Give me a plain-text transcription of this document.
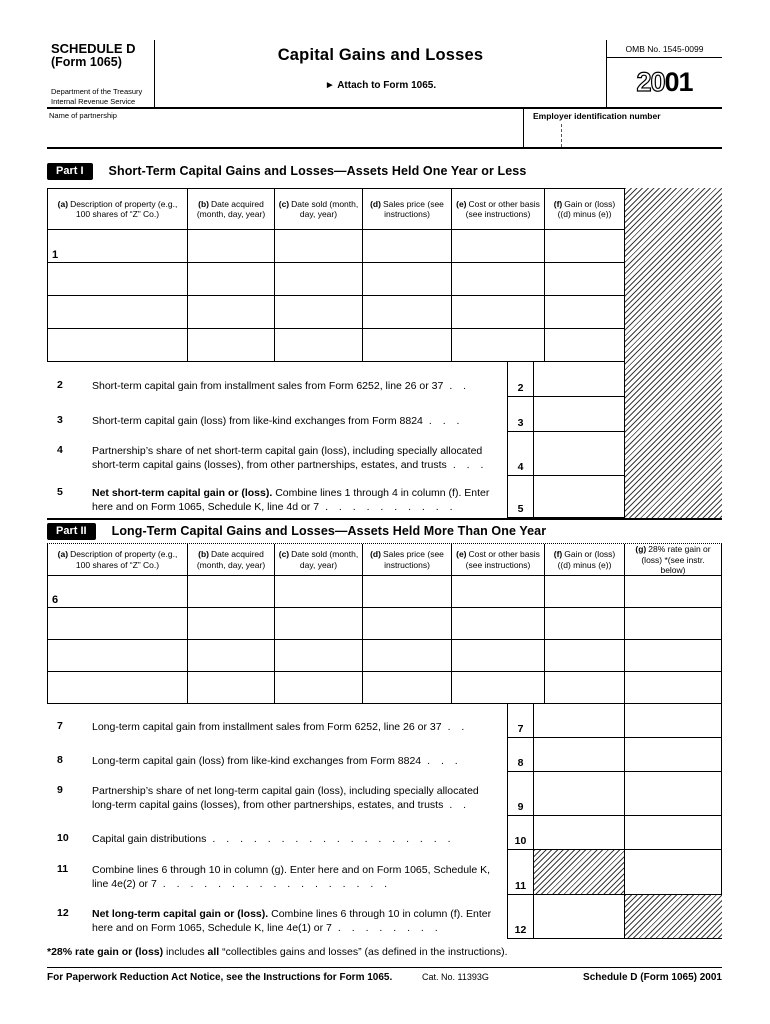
SCHEDULE D
(Form 1065)
Department of the Treasury
Internal Revenue Service
Capital Gains and Losses
► Attach to Form 1065.
OMB No. 1545-0099
20 01
Name of partnership	Employer identification number
Part I	Short-Term Capital Gains and Losses—Assets Held One Year or Less
(a) Description of property (e.g., 100 shares of “Z” Co.)
(b) Date acquired (month, day, year)
(c) Date sold (month, day, year)
(d) Sales price (see instructions)
(e) Cost or other basis (see instructions)
(f) Gain or (loss) ((d) minus (e))
1
2	Short-term capital gain from installment sales from Form 6252, line 26 or 37 . .	2
3	Short-term capital gain (loss) from like-kind exchanges from Form 8824 . . .	3
4	Partnership’s share of net short-term capital gain (loss), including specially allocated short-term capital gains (losses), from other partnerships, estates, and trusts . . .	4
5	Net short-term capital gain or (loss). Combine lines 1 through 4 in column (f). Enter here and on Form 1065, Schedule K, line 4d or 7 . . . . . . . . . .	5
Part II	Long-Term Capital Gains and Losses—Assets Held More Than One Year
(a) Description of property (e.g., 100 shares of “Z” Co.)
(b) Date acquired (month, day, year)
(c) Date sold (month, day, year)
(d) Sales price (see instructions)
(e) Cost or other basis (see instructions)
(f) Gain or (loss) ((d) minus (e))
(g) 28% rate gain or (loss) *(see instr. below)
6
7	Long-term capital gain from installment sales from Form 6252, line 26 or 37 . .	7
8	Long-term capital gain (loss) from like-kind exchanges from Form 8824 . . .	8
9	Partnership’s share of net long-term capital gain (loss), including specially allocated long-term capital gains (losses), from other partnerships, estates, and trusts . .	9
10	Capital gain distributions . . . . . . . . . . . . . . . . . .	10
11	Combine lines 6 through 10 in column (g). Enter here and on Form 1065, Schedule K, line 4e(2) or 7 . . . . . . . . . . . . . . . . .	11
12	Net long-term capital gain or (loss). Combine lines 6 through 10 in column (f). Enter here and on Form 1065, Schedule K, line 4e(1) or 7 . . . . . . . .	12
*28% rate gain or (loss) includes all “collectibles gains and losses” (as defined in the instructions).
For Paperwork Reduction Act Notice, see the Instructions for Form 1065.	Cat. No. 11393G	Schedule D (Form 1065) 2001
